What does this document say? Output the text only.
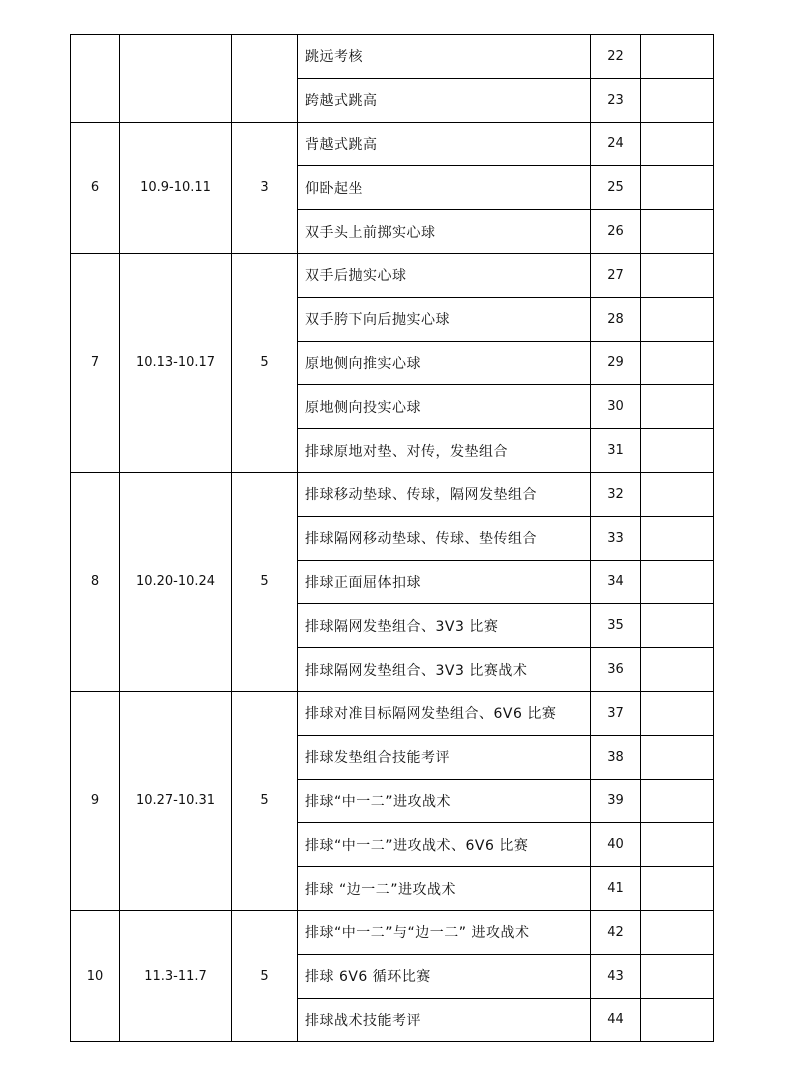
			跳远考核	22	
			跨越式跳高	23	
6	10.9-10.11	3	背越式跳高	24	
			仰卧起坐	25	
			双手头上前掷实心球	26	
7	10.13-10.17	5	双手后抛实心球	27	
			双手胯下向后抛实心球	28	
			原地侧向推实心球	29	
			原地侧向投实心球	30	
			排球原地对垫、对传，发垫组合	31	
8	10.20-10.24	5	排球移动垫球、传球，隔网发垫组合	32	
			排球隔网移动垫球、传球、垫传组合	33	
			排球正面屈体扣球	34	
			排球隔网发垫组合、3V3 比赛	35	
			排球隔网发垫组合、3V3 比赛战术	36	
9	10.27-10.31	5	排球对准目标隔网发垫组合、6V6 比赛	37	
			排球发垫组合技能考评	38	
			排球“中一二”进攻战术	39	
			排球“中一二”进攻战术、6V6 比赛	40	
			排球 “边一二”进攻战术	41	
10	11.3-11.7	5	排球“中一二”与“边一二” 进攻战术	42	
			排球 6V6 循环比赛	43	
			排球战术技能考评	44	
